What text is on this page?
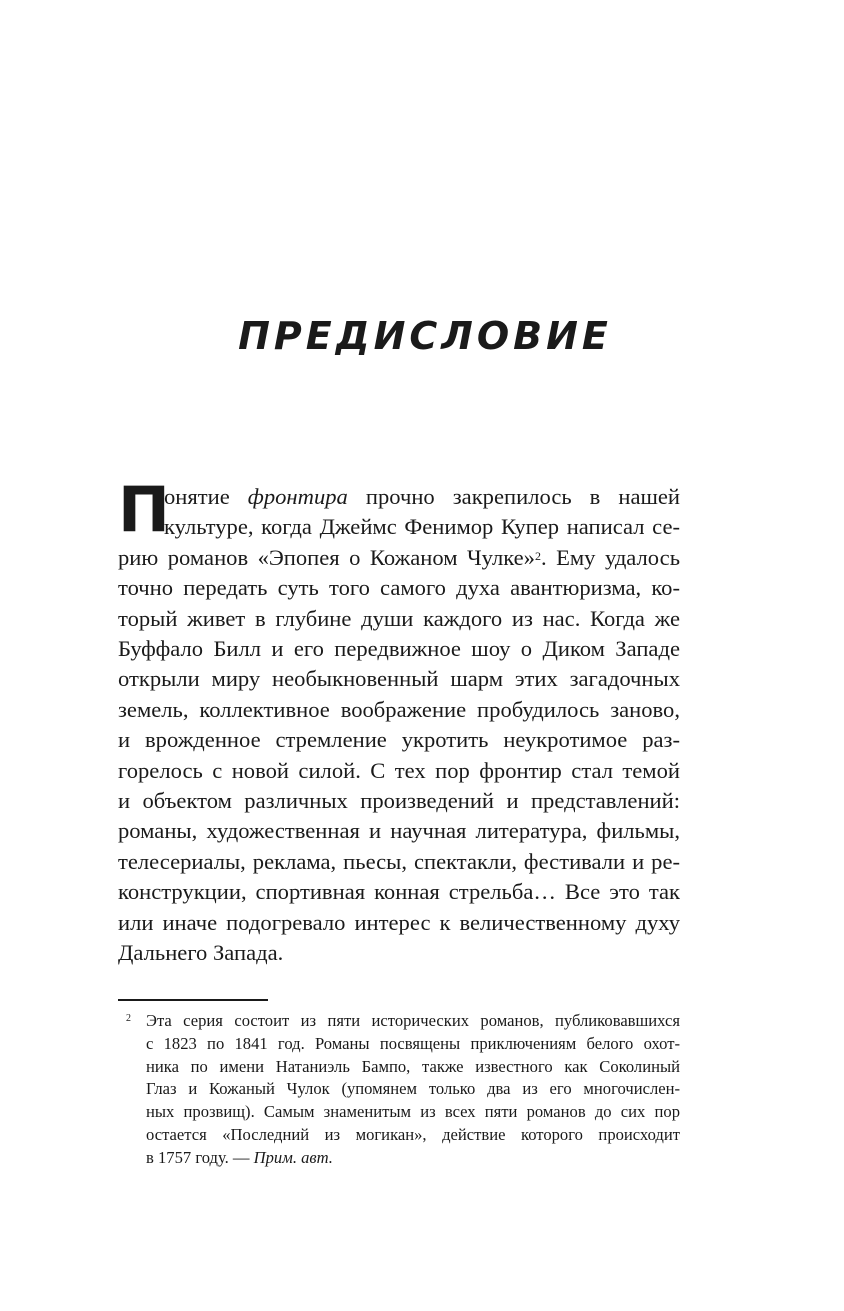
ПРЕДИСЛОВИЕ
П
онятие фронтира прочно закрепилось в нашей
культуре, когда Джеймс Фенимор Купер написал се-
рию романов «Эпопея о Кожаном Чулке»$^2$. Ему удалось
точно передать суть того самого духа авантюризма, ко-
торый живет в глубине души каждого из нас. Когда же
Буффало Билл и его передвижное шоу о Диком Западе
открыли миру необыкновенный шарм этих загадочных
земель, коллективное воображение пробудилось заново,
и врожденное стремление укротить неукротимое раз-
горелось с новой силой. С тех пор фронтир стал темой
и объектом различных произведений и представлений:
романы, художественная и научная литература, фильмы,
телесериалы, реклама, пьесы, спектакли, фестивали и ре-
конструкции, спортивная конная стрельба… Все это так
или иначе подогревало интерес к величественному духу
Дальнего Запада.
2 Эта серия состоит из пяти исторических романов, публиковавшихся
с 1823 по 1841 год. Романы посвящены приключениям белого охот-
ника по имени Натаниэль Бампо, также известного как Соколиный
Глаз и Кожаный Чулок (упомянем только два из его многочислен-
ных прозвищ). Самым знаменитым из всех пяти романов до сих пор
остается «Последний из могикан», действие которого происходит
в 1757 году. — Прим. авт.
